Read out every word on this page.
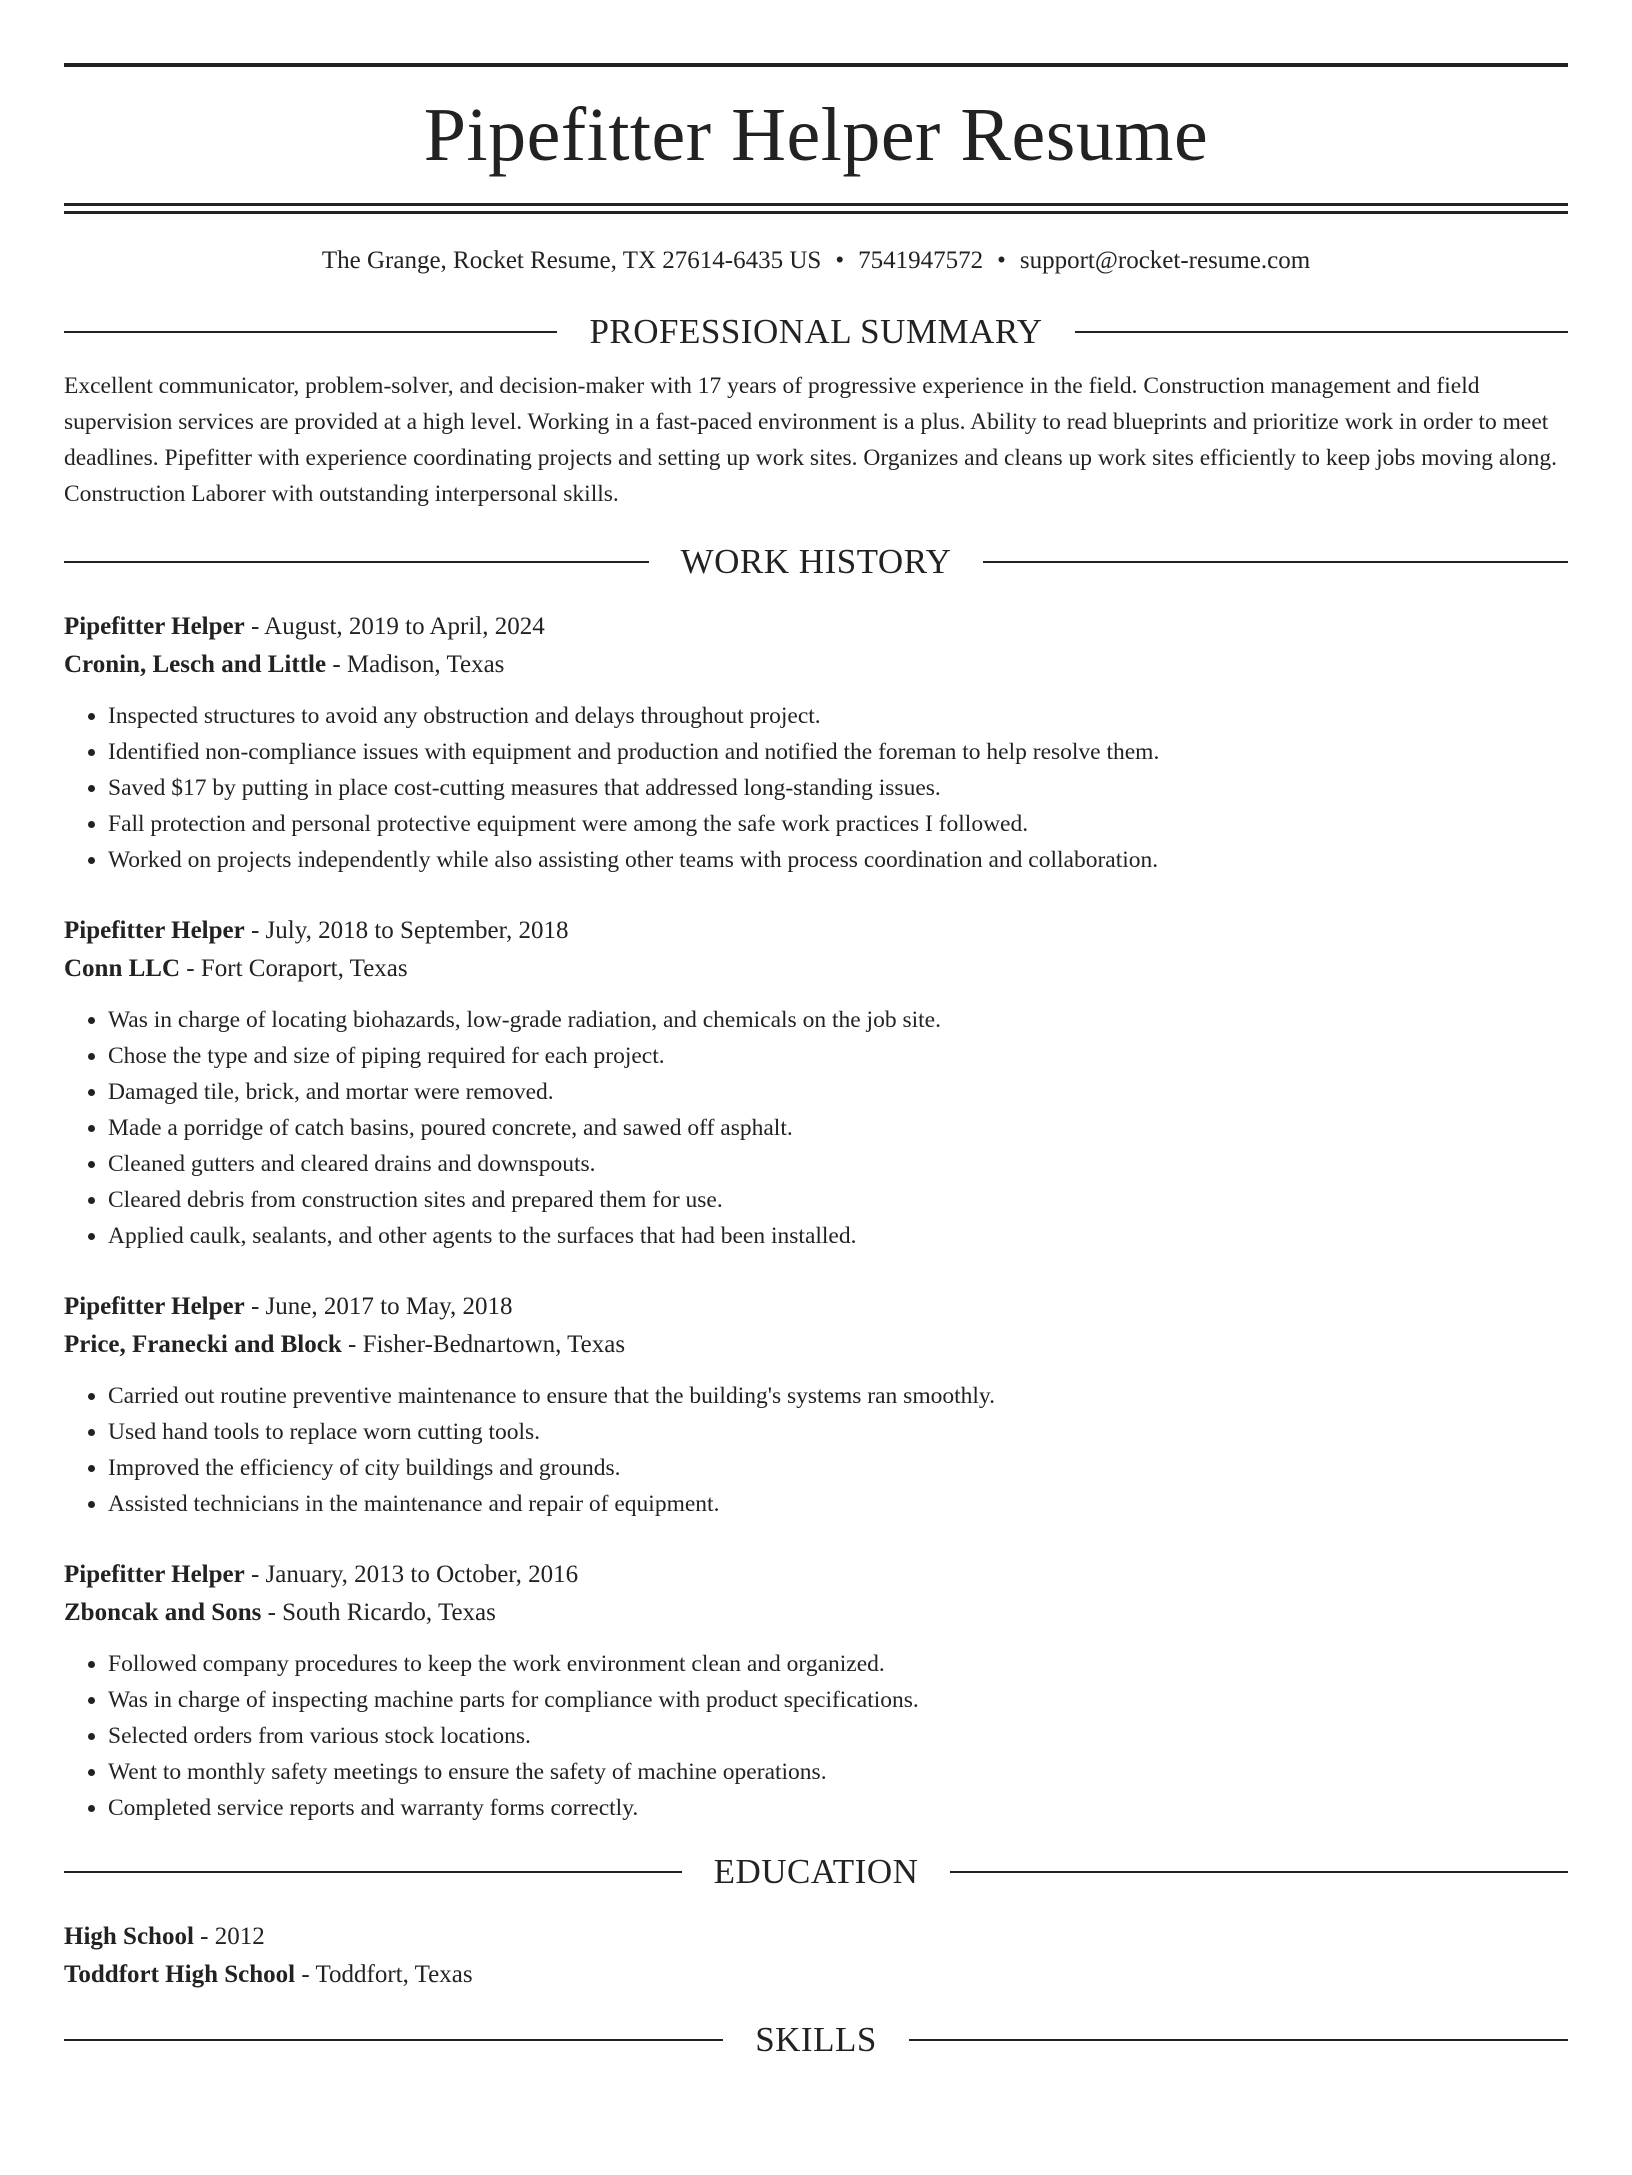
Pipefitter Helper Resume
The Grange, Rocket Resume, TX 27614-6435 US • 7541947572 • support@rocket-resume.com
PROFESSIONAL SUMMARY
Excellent communicator, problem-solver, and decision-maker with 17 years of progressive experience in the field. Construction management and field supervision services are provided at a high level. Working in a fast-paced environment is a plus. Ability to read blueprints and prioritize work in order to meet deadlines. Pipefitter with experience coordinating projects and setting up work sites. Organizes and cleans up work sites efficiently to keep jobs moving along. Construction Laborer with outstanding interpersonal skills.
WORK HISTORY
Pipefitter Helper - August, 2019 to April, 2024
Cronin, Lesch and Little - Madison, Texas
• Inspected structures to avoid any obstruction and delays throughout project.
• Identified non-compliance issues with equipment and production and notified the foreman to help resolve them.
• Saved $17 by putting in place cost-cutting measures that addressed long-standing issues.
• Fall protection and personal protective equipment were among the safe work practices I followed.
• Worked on projects independently while also assisting other teams with process coordination and collaboration.
Pipefitter Helper - July, 2018 to September, 2018
Conn LLC - Fort Coraport, Texas
• Was in charge of locating biohazards, low-grade radiation, and chemicals on the job site.
• Chose the type and size of piping required for each project.
• Damaged tile, brick, and mortar were removed.
• Made a porridge of catch basins, poured concrete, and sawed off asphalt.
• Cleaned gutters and cleared drains and downspouts.
• Cleared debris from construction sites and prepared them for use.
• Applied caulk, sealants, and other agents to the surfaces that had been installed.
Pipefitter Helper - June, 2017 to May, 2018
Price, Franecki and Block - Fisher-Bednartown, Texas
• Carried out routine preventive maintenance to ensure that the building's systems ran smoothly.
• Used hand tools to replace worn cutting tools.
• Improved the efficiency of city buildings and grounds.
• Assisted technicians in the maintenance and repair of equipment.
Pipefitter Helper - January, 2013 to October, 2016
Zboncak and Sons - South Ricardo, Texas
• Followed company procedures to keep the work environment clean and organized.
• Was in charge of inspecting machine parts for compliance with product specifications.
• Selected orders from various stock locations.
• Went to monthly safety meetings to ensure the safety of machine operations.
• Completed service reports and warranty forms correctly.
EDUCATION
High School - 2012
Toddfort High School - Toddfort, Texas
SKILLS
